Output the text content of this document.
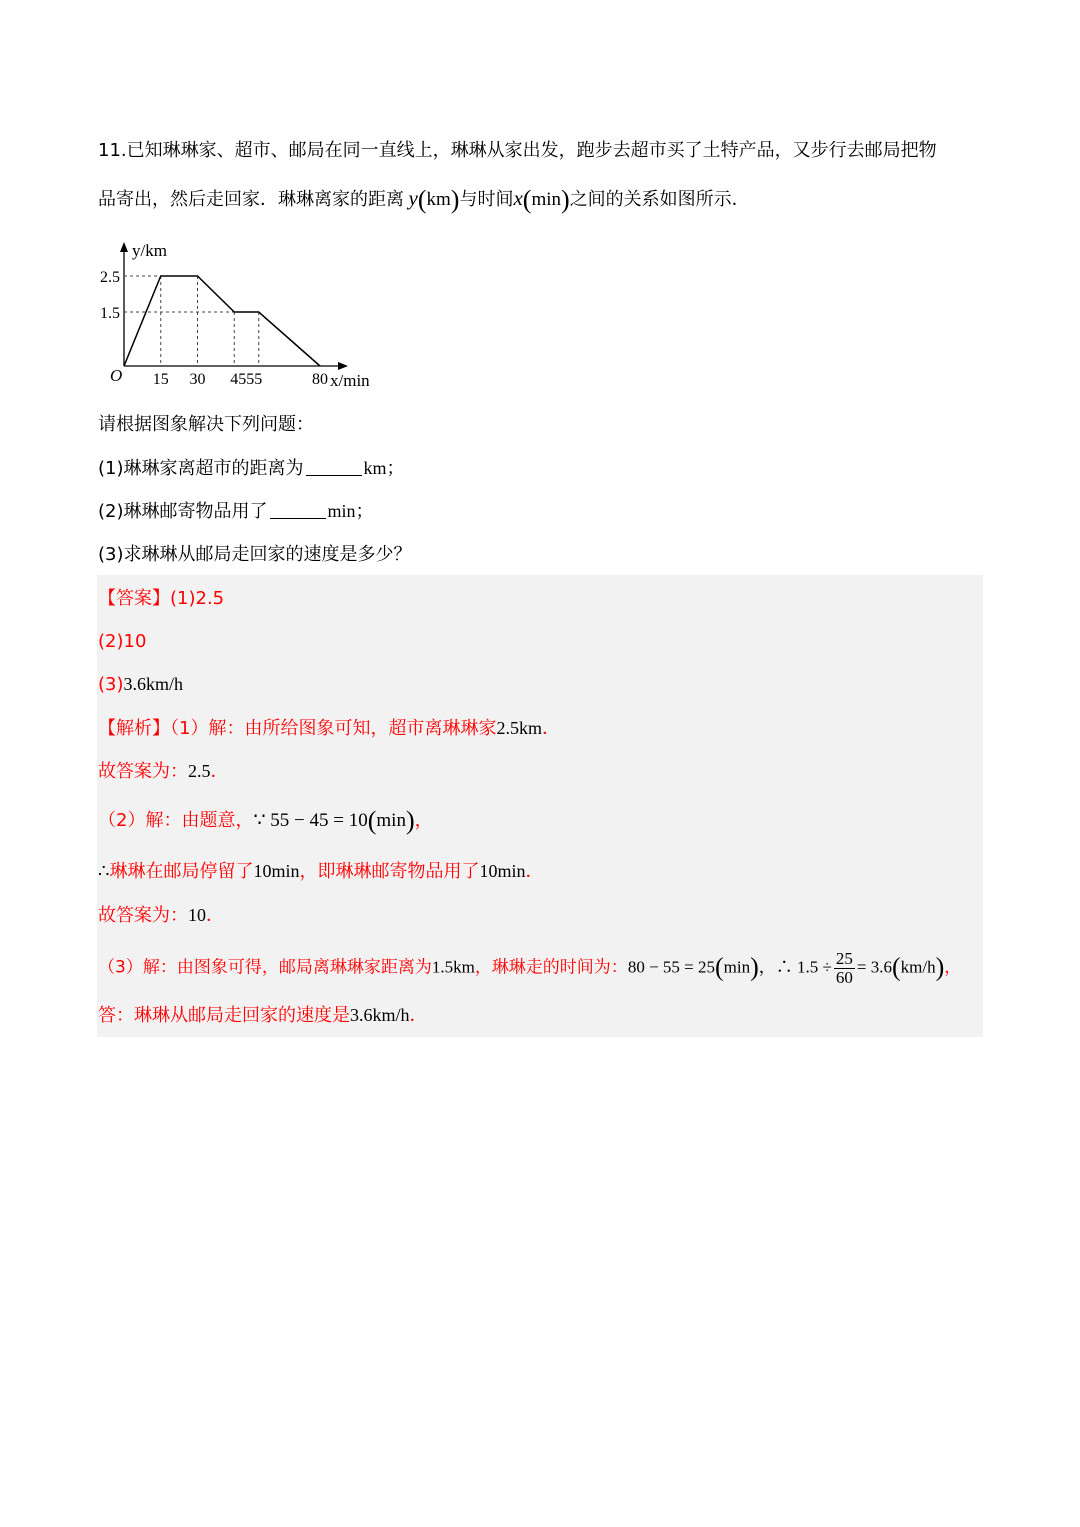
11.已知琳琳家、超市、邮局在同一直线上，琳琳从家出发，跑步去超市买了土特产品，又步行去邮局把物
品寄出，然后走回家．琳琳离家的距离 y(km)与时间x(min)之间的关系如图所示．
15 30 4555	80
2.5
1.5
O
y/km
x/min
请根据图象解决下列问题：
(1)琳琳家离超市的距离为	km；
(2)琳琳邮寄物品用了	min；
(3)求琳琳从邮局走回家的速度是多少？
【答案】(1)2.5
(2)10
(3)3.6km/h
【解析】（1）解：由所给图象可知，超市离琳琳家2.5km．
故答案为：2.5．
（2）解：由题意，∵ 55 − 45 = 10(min)，
∴琳琳在邮局停留了10min，即琳琳邮寄物品用了10min．
故答案为：10．
（3）解：由图象可得，邮局离琳琳家距离为1.5km，琳琳走的时间为：80 − 55 = 25(min)，∴ $1.5 \div \frac{25}{60} = 3.6(km/h)$，
答：琳琳从邮局走回家的速度是3.6km/h．
